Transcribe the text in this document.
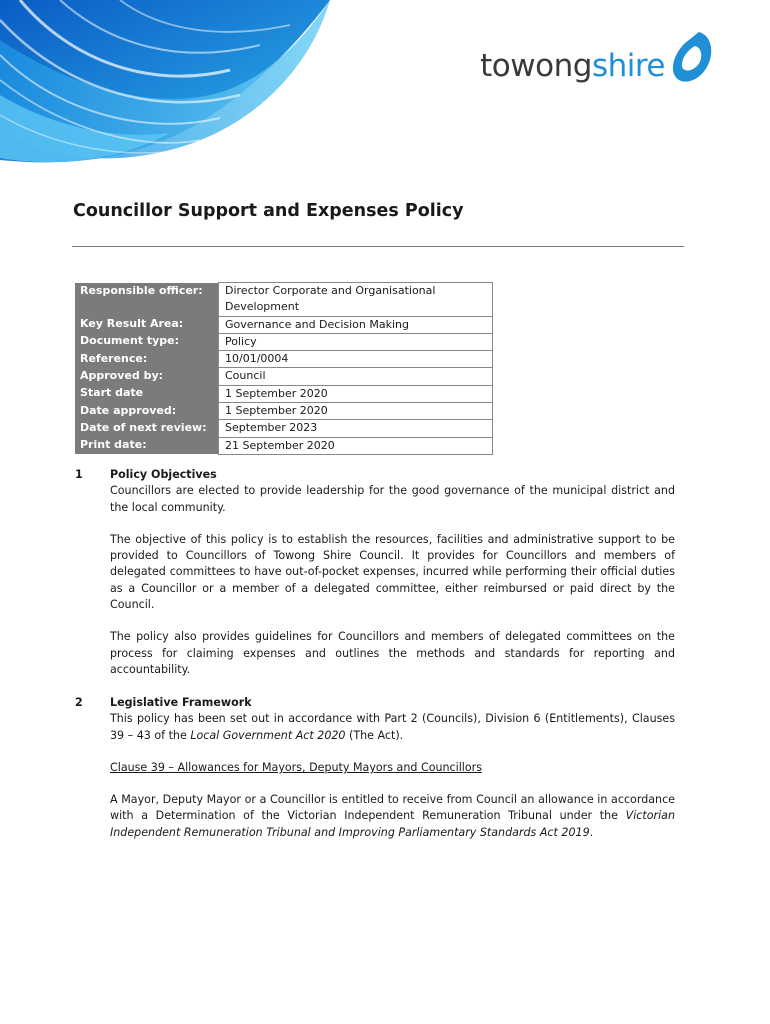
towongshire
Councillor Support and Expenses Policy
Responsible officer:	Director Corporate and Organisational
Development

Key Result Area:	Governance and Decision Making
Document type:	Policy
Reference:	10/01/0004
Approved by:	Council
Start date	1 September 2020
Date approved:	1 September 2020
Date of next review:	September 2023
Print date:	21 September 2020
1 Policy Objectives

Councillors are elected to provide leadership for the good governance of the municipal district and the local community.

The objective of this policy is to establish the resources, facilities and administrative support to be provided to Councillors of Towong Shire Council. It provides for Councillors and members of delegated committees to have out-of-pocket expenses, incurred while performing their official duties as a Councillor or a member of a delegated committee, either reimbursed or paid direct by the Council.

The policy also provides guidelines for Councillors and members of delegated committees on the process for claiming expenses and outlines the methods and standards for reporting and accountability.

2 Legislative Framework

This policy has been set out in accordance with Part 2 (Councils), Division 6 (Entitlements), Clauses 39 – 43 of the Local Government Act 2020 (The Act).

Clause 39 – Allowances for Mayors, Deputy Mayors and Councillors

A Mayor, Deputy Mayor or a Councillor is entitled to receive from Council an allowance in accordance with a Determination of the Victorian Independent Remuneration Tribunal under the Victorian Independent Remuneration Tribunal and Improving Parliamentary Standards Act 2019.
